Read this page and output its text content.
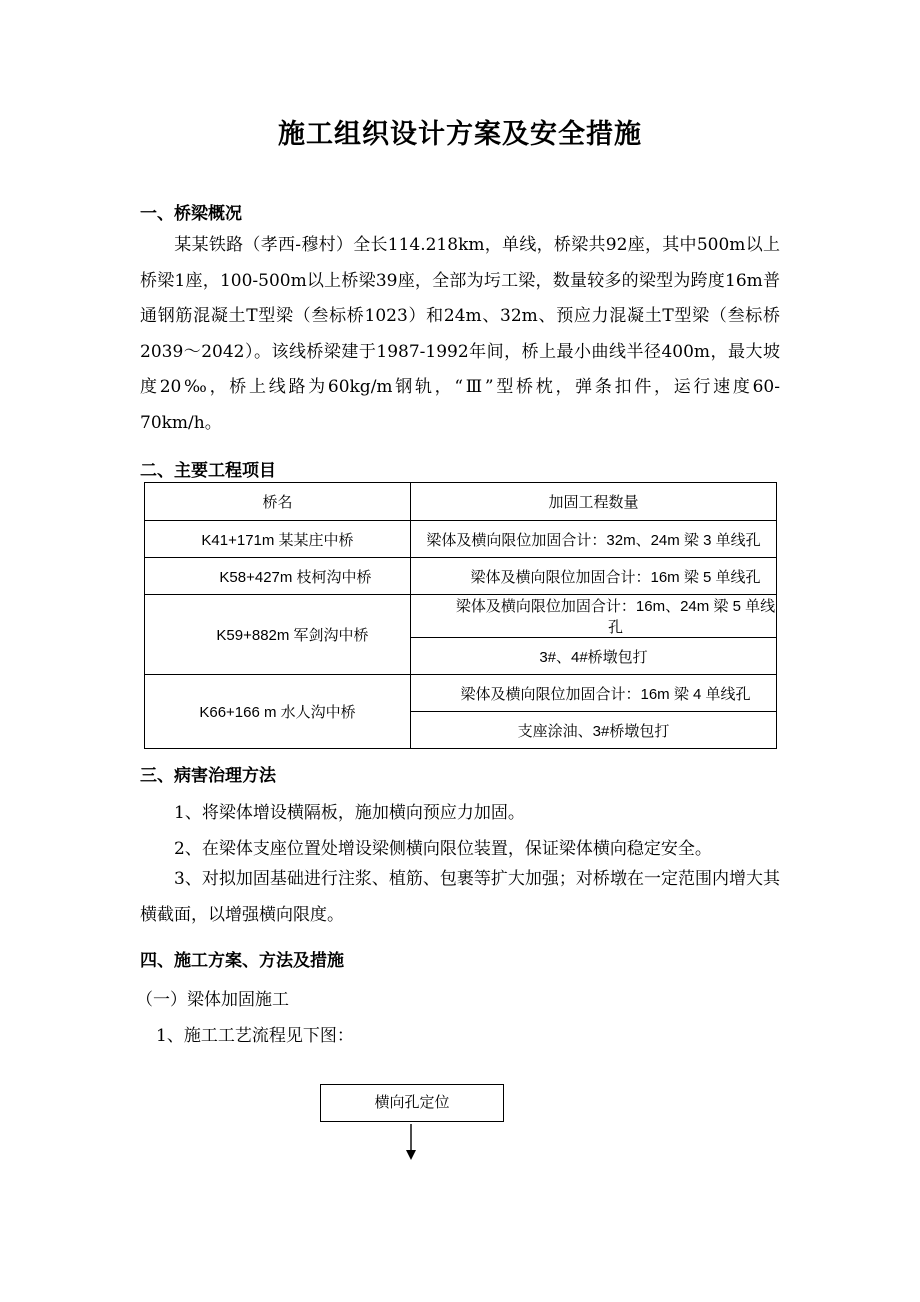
施工组织设计方案及安全措施
一、桥梁概况

某某铁路（孝西-穆村）全长114.218km，单线，桥梁共92座，其中500m以上桥梁1座，100-500m以上桥梁39座，全部为圬工梁，数量较多的梁型为跨度16m普通钢筋混凝土T型梁（叁标桥1023）和24m、32m、预应力混凝土T型梁（叁标桥2039～2042）。该线桥梁建于1987-1992年间，桥上最小曲线半径400m，最大坡度20‰，桥上线路为60kg/m钢轨，“Ⅲ”型桥枕，弹条扣件，运行速度60-70km/h。

二、主要工程项目
桥名	加固工程数量
K41+171m 某某庄中桥	梁体及横向限位加固合计：32m、24m 梁 3 单线孔
K58+427m 枝柯沟中桥	梁体及横向限位加固合计：16m 梁 5 单线孔
K59+882m 军剑沟中桥	梁体及横向限位加固合计：16m、24m 梁 5 单线孔
	3#、4#桥墩包打
K66+166 m 水人沟中桥	梁体及横向限位加固合计：16m 梁 4 单线孔
	支座涂油、3#桥墩包打
三、病害治理方法
1、将梁体增设横隔板，施加横向预应力加固。
2、在梁体支座位置处增设梁侧横向限位装置，保证梁体横向稳定安全。

3、对拟加固基础进行注浆、植筋、包裹等扩大加强；对桥墩在一定范围内增大其横截面，以增强横向限度。

四、施工方案、方法及措施
（一）梁体加固施工
1、施工工艺流程见下图：
横向孔定位
